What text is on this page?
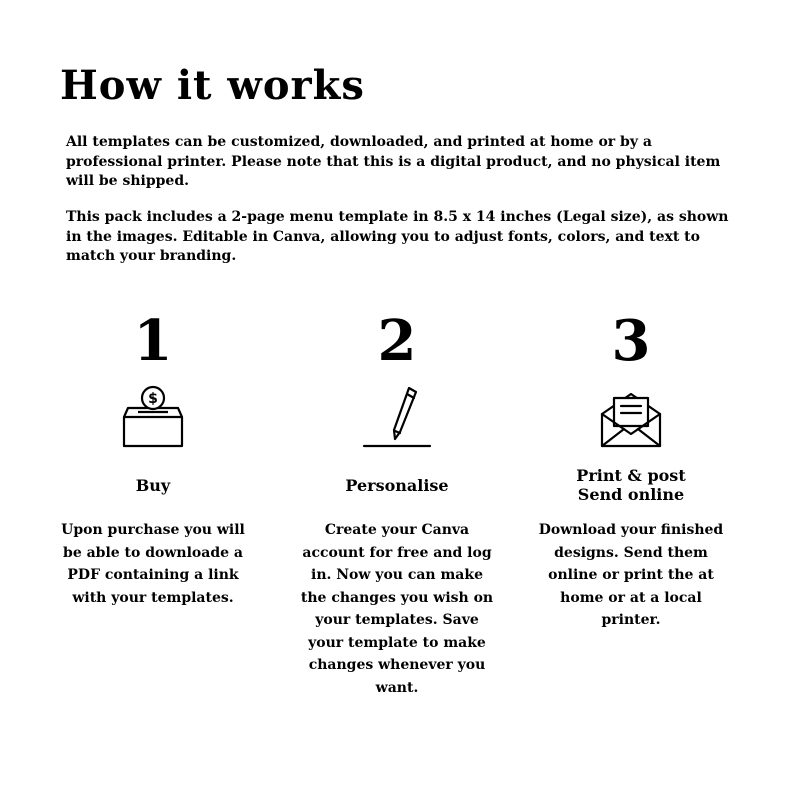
How it works

All templates can be customized, downloaded, and printed at home or by a professional printer. Please note that this is a digital product, and no physical item will be shipped.

This pack includes a 2-page menu template in 8.5 x 14 inches (Legal size), as shown in the images. Editable in Canva, allowing you to adjust fonts, colors, and text to match your branding.

1
$
Buy
Upon purchase you will be able to downloade a PDF containing a link with your templates.
2
Personalise
Create your Canva account for free and log in. Now you can make the changes you wish on your templates. Save your template to make changes whenever you want.
3
Print & post
Send online
Download your finished designs. Send them online or print the at home or at a local printer.
